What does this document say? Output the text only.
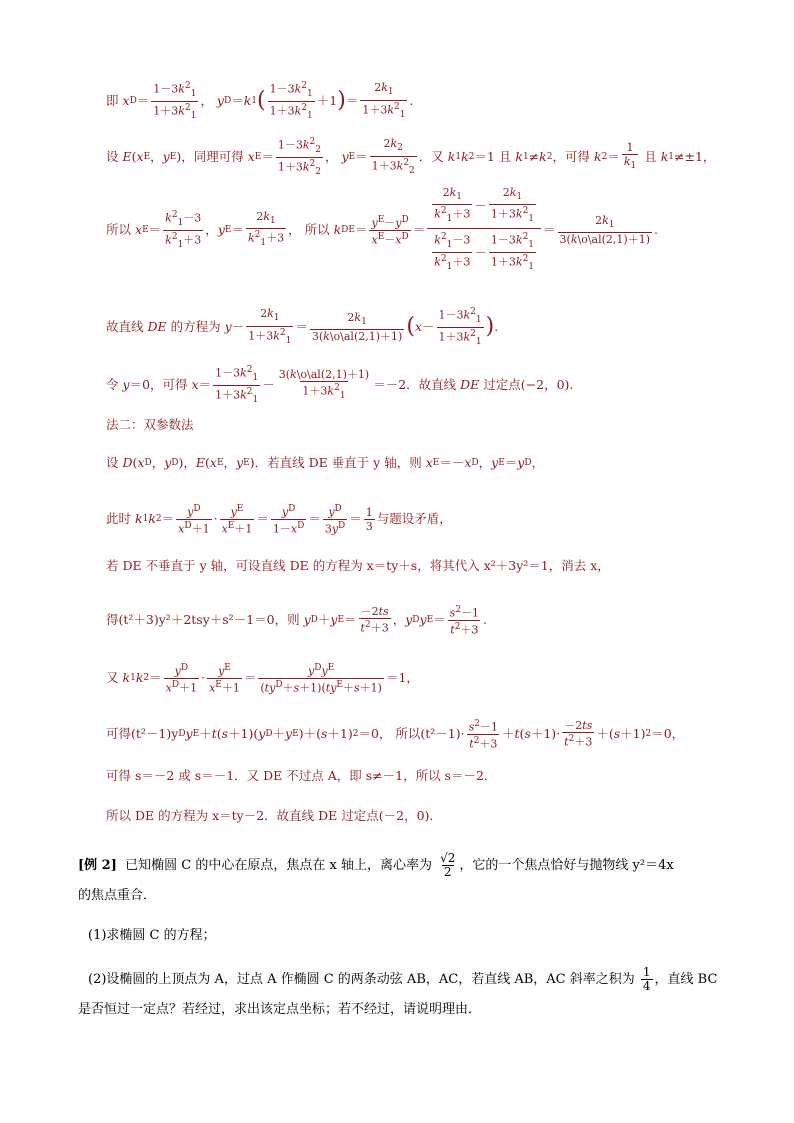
即
x $D = \frac{1-3k^2_1}{1+3k^2_1}$ ， y D ＝ k 1 ( $\frac{1-3k^2_1}{1+3k^2_1} +1$ ) ＝ $\frac{2k_1}{1+3k^2_1}$ .
设
E ( x E ， y E )， 同理可得
x $E = \frac{1-3k^2_2}{1+3k^2_2}$ ， y $E = \frac{2k_2}{1+3k^2_2}$ ． 又
k 1 k 2 ＝1 且
k 1 ≠ k 2 ， 可得
k $2 = \frac{1}{k_1}$
且
k 1 ≠±1，
所以
x $E = \frac{k^2_1-3}{k^2_1+3}$ ， y $E = \frac{2k_1}{k^2_1+3}$ ， 所以
k DE ＝ $\frac{y^E-y^D}{x^E-x^D}$ ＝
$\frac{2k_1}{k^2_1+3} - \frac{2k_1}{1+3k^2_1}$
$\frac{k^2_1-3}{k^2_1+3} - \frac{1-3k^2_1}{1+3k^2_1}$
＝ $\frac{2k_1}{3(k\backslash o\backslash al(2,1)+1)}$ .
故直线
DE
的方程为
$y - \frac{2k_1}{1+3k^2_1} = \frac{2k_1}{3(k\backslash o\backslash al(2,1)+1)}$ ( $x - \frac{1-3k^2_1}{1+3k^2_1}$ ) .
令
y ＝0， 可得
$x = \frac{1-3k^2_1}{1+3k^2_1} - \frac{3(k\backslash o\backslash al(2,1)+1)}{1+3k^2_1} =-2$． 故直线
DE
过定点(−2，0).
法二：双参数法
设
D ( x D ， y D )， E ( x E ， y E )． 若直线 DE 垂直于 y 轴，则
x E ＝－ x D ， y E ＝ y D ，
此时
k 1 k $2 = \frac{y^D}{x^D+1} \cdot \frac{y^E}{x^E+1} = \frac{y^D}{1-x^D} = \frac{y^D}{3y^D} = \frac{1}{3}$ 与题设矛盾，
若 DE 不垂直于 y 轴，可设直线 DE 的方程为 x＝ty＋s，将其代入 x²＋3y²＝1，消去 x，
得(t²＋3)y²＋2tsy＋s²－1＝0，则
y D ＋ y $E = \frac{-2ts}{t^2+3}$ ， y D y $E = \frac{s^2-1}{t^2+3}$ .
又
k 1 k $2 = \frac{y^D}{x^D+1} \cdot \frac{y^E}{x^E+1} = \frac{y^Dy^E}{(ty^D+s+1)(ty^E+s+1)} =1$，
可得(t²－1)y D y E ＋ t ( s ＋1)( y D ＋ y E )＋( s ＋1) 2 ＝0， 所以$(t^2-1)\cdot \frac{s^2-1}{t^2+3} + t$ ( $s +1)\cdot \frac{-2ts}{t^2+3}$ ＋( s ＋1) 2 ＝0，
可得 s＝－2 或 s＝－1．又 DE 不过点 A，即 s≠－1，所以 s＝－2．
所以 DE 的方程为 x＝ty－2．故直线 DE 过定点(－2，0)．
[例 2] 已知椭圆 C 的中心在原点，焦点在 x 轴上，离心率为 $\frac{√2}{2}$ ，它的一个焦点恰好与抛物线 y²＝4x
的焦点重合．
(1)求椭圆 C 的方程；
(2)设椭圆的上顶点为 A，过点 A 作椭圆 C 的两条动弦 AB，AC，若直线 AB，AC 斜率之积为 $\frac{1}{4}$ ，直线 BC
是否恒过一定点？若经过，求出该定点坐标；若不经过，请说明理由．
